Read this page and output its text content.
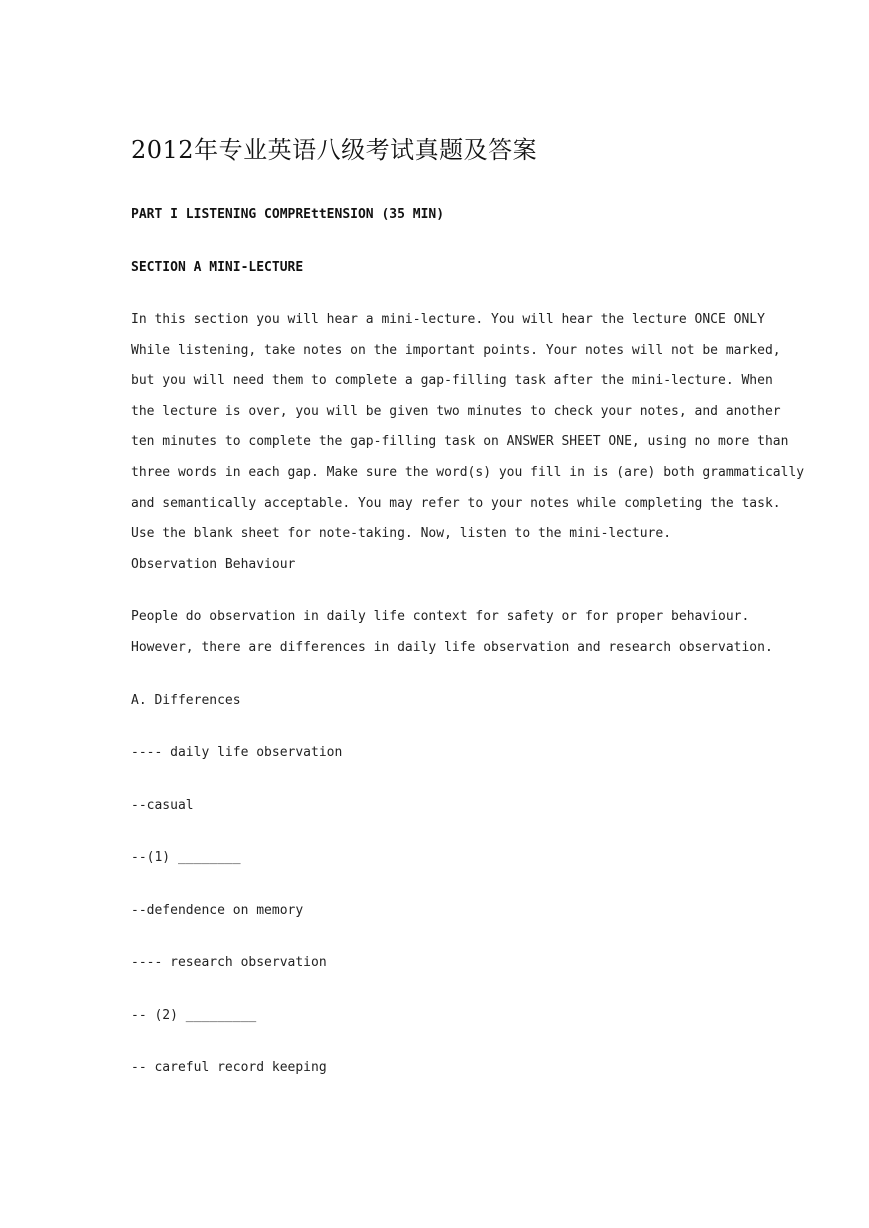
2012年专业英语八级考试真题及答案
PART I LISTENING COMPREttENSION (35 MIN)
SECTION A MINI-LECTURE
In this section you will hear a mini-lecture. You will hear the lecture ONCE ONLY
While listening, take notes on the important points. Your notes will not be marked,
but you will need them to complete a gap-filling task after the mini-lecture. When
the lecture is over, you will be given two minutes to check your notes, and another
ten minutes to complete the gap-filling task on ANSWER SHEET ONE, using no more than
three words in each gap. Make sure the word(s) you fill in is (are) both grammatically
and semantically acceptable. You may refer to your notes while completing the task.
Use the blank sheet for note-taking. Now, listen to the mini-lecture.
Observation Behaviour
People do observation in daily life context for safety or for proper behaviour.
However, there are differences in daily life observation and research observation.
A. Differences
---- daily life observation
--casual
--(1) ________
--defendence on memory
---- research observation
-- (2) _________
-- careful record keeping
